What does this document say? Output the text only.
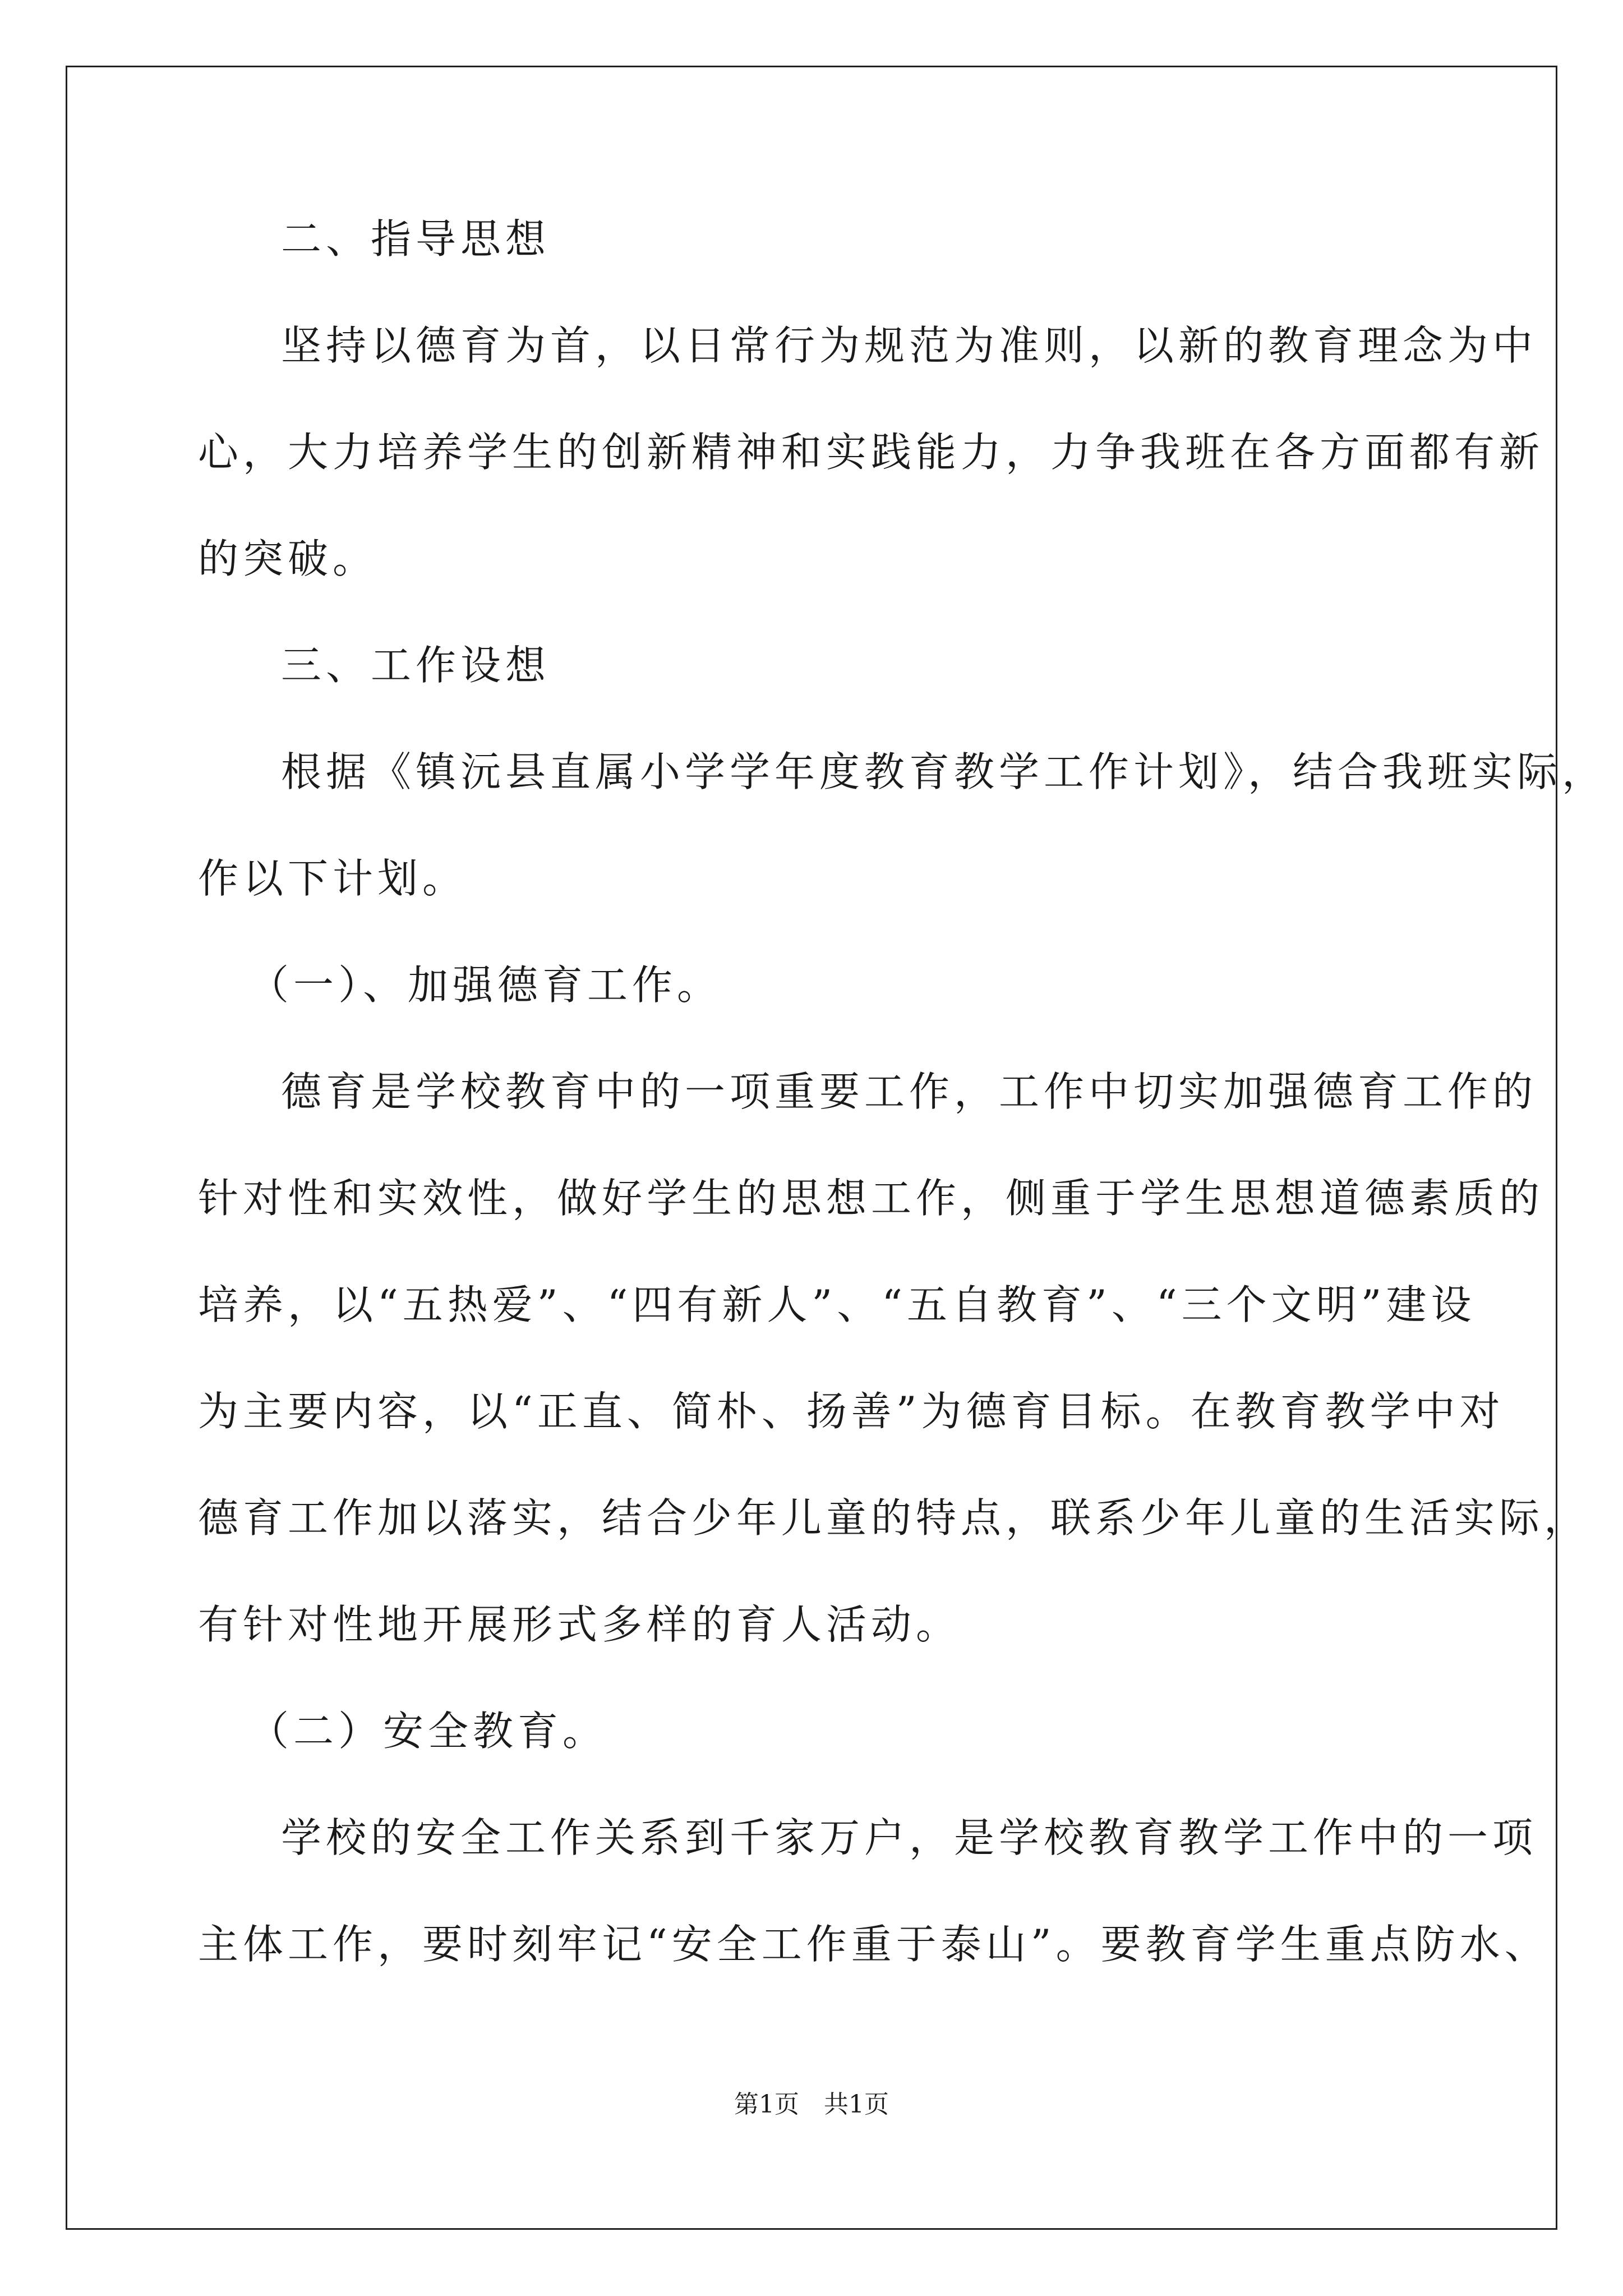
二、指导思想
坚持以德育为首，以日常行为规范为准则，以新的教育理念为中
心，大力培养学生的创新精神和实践能力，力争我班在各方面都有新
的突破。
三、工作设想
根据《镇沅县直属小学学年度教育教学工作计划》，结合我班实际，
作以下计划。
（一）、加强德育工作。
德育是学校教育中的一项重要工作，工作中切实加强德育工作的
针对性和实效性，做好学生的思想工作，侧重于学生思想道德素质的
培养，以“五热爱”、“四有新人”、“五自教育”、“三个文明”建设
为主要内容，以“正直、简朴、扬善”为德育目标。在教育教学中对
德育工作加以落实，结合少年儿童的特点，联系少年儿童的生活实际，
有针对性地开展形式多样的育人活动。
（二）安全教育。
学校的安全工作关系到千家万户，是学校教育教学工作中的一项
主体工作，要时刻牢记“安全工作重于泰山”。要教育学生重点防水、
第1页　共1页
